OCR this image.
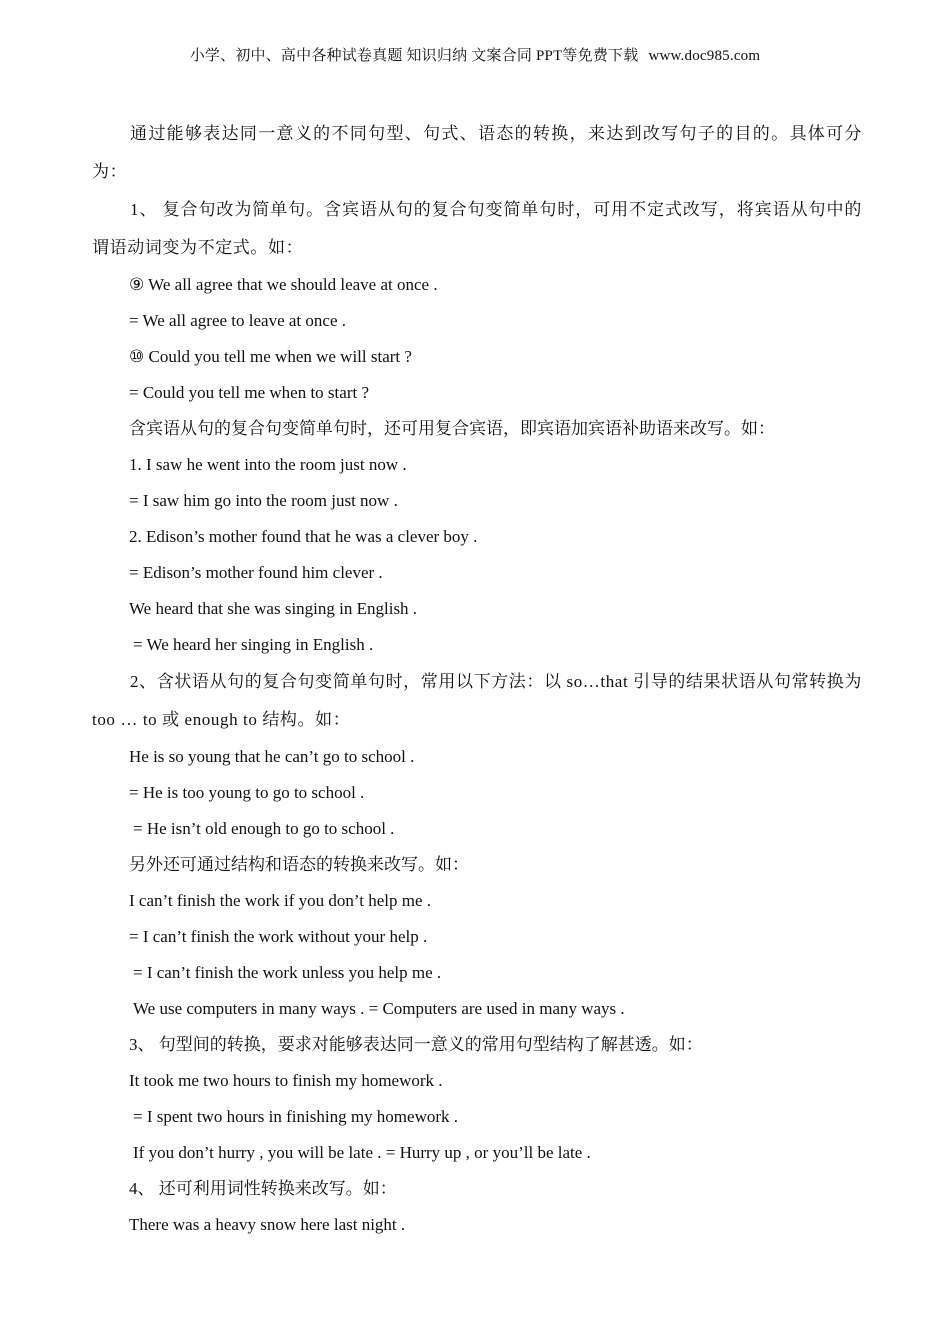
小学、初中、高中各种试卷真题 知识归纳 文案合同 PPT等免费下载 www.doc985.com
通过能够表达同一意义的不同句型、句式、语态的转换，来达到改写句子的目的。具体可分为：
1、 复合句改为简单句。含宾语从句的复合句变简单句时，可用不定式改写，将宾语从句中的谓语动词变为不定式。如：
⑨ We all agree that we should leave at once .
= We all agree to leave at once .
⑩ Could you tell me when we will start ?
= Could you tell me when to start ?
含宾语从句的复合句变简单句时，还可用复合宾语，即宾语加宾语补助语来改写。如：
1. I saw he went into the room just now .
= I saw him go into the room just now .
2. Edison’s mother found that he was a clever boy .
= Edison’s mother found him clever .
We heard that she was singing in English .
= We heard her singing in English .
2、含状语从句的复合句变简单句时，常用以下方法：以 so…that 引导的结果状语从句常转换为 too … to 或 enough to 结构。如：
He is so young that he can’t go to school .
= He is too young to go to school .
= He isn’t old enough to go to school .
另外还可通过结构和语态的转换来改写。如：
I can’t finish the work if you don’t help me .
= I can’t finish the work without your help .
= I can’t finish the work unless you help me .
We use computers in many ways . = Computers are used in many ways .
3、 句型间的转换，要求对能够表达同一意义的常用句型结构了解甚透。如：
It took me two hours to finish my homework .
= I spent two hours in finishing my homework .
If you don’t hurry , you will be late . = Hurry up , or you’ll be late .
4、 还可利用词性转换来改写。如：
There was a heavy snow here last night .
